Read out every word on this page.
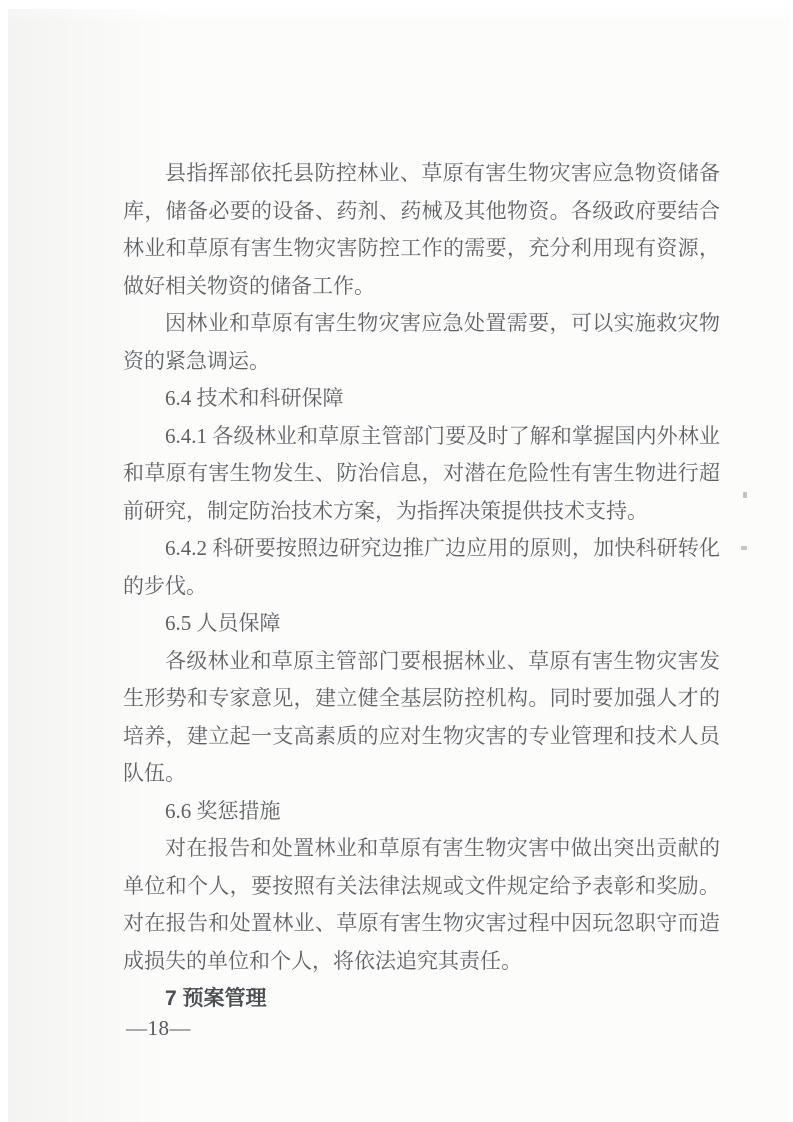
县指挥部依托县防控林业、草原有害生物灾害应急物资储备库，储备必要的设备、药剂、药械及其他物资。各级政府要结合林业和草原有害生物灾害防控工作的需要，充分利用现有资源，做好相关物资的储备工作。

因林业和草原有害生物灾害应急处置需要，可以实施救灾物资的紧急调运。

6.4 技术和科研保障

6.4.1 各级林业和草原主管部门要及时了解和掌握国内外林业和草原有害生物发生、防治信息，对潜在危险性有害生物进行超前研究，制定防治技术方案，为指挥决策提供技术支持。

6.4.2 科研要按照边研究边推广边应用的原则，加快科研转化的步伐。

6.5 人员保障

各级林业和草原主管部门要根据林业、草原有害生物灾害发生形势和专家意见，建立健全基层防控机构。同时要加强人才的培养，建立起一支高素质的应对生物灾害的专业管理和技术人员队伍。

6.6 奖惩措施

对在报告和处置林业和草原有害生物灾害中做出突出贡献的单位和个人，要按照有关法律法规或文件规定给予表彰和奖励。对在报告和处置林业、草原有害生物灾害过程中因玩忽职守而造成损失的单位和个人，将依法追究其责任。

7 预案管理

—18—
